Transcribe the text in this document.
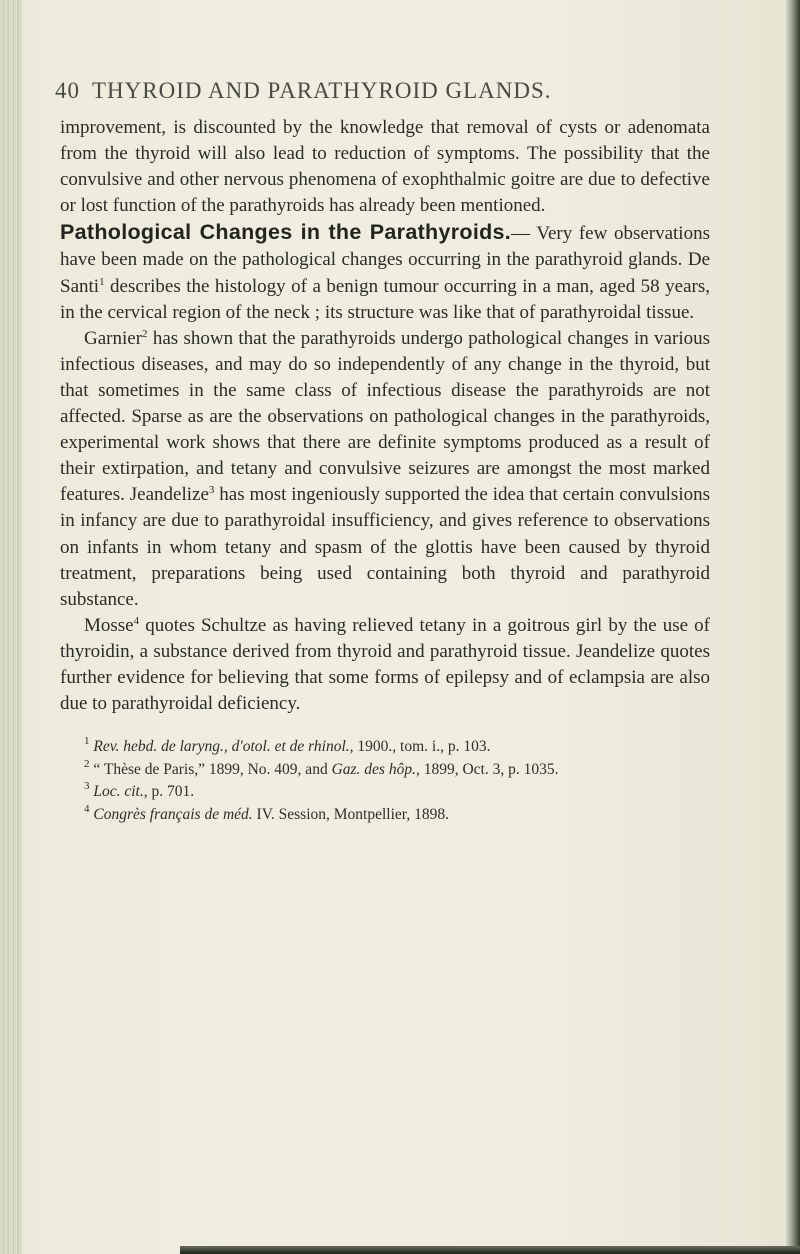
40 THYROID AND PARATHYROID GLANDS.

improvement, is discounted by the knowledge that removal of cysts or adenomata from the thyroid will also lead to reduction of symptoms. The possibility that the convulsive and other nervous phenomena of exophthalmic goitre are due to defective or lost function of the parathyroids has already been mentioned.

Pathological Changes in the Parathyroids.— Very few observations have been made on the pathological changes occurring in the parathyroid glands. De Santi$^1$ describes the histology of a benign tumour occurring in a man, aged 58 years, in the cervical region of the neck ; its structure was like that of parathyroidal tissue.

Garnier$^2$ has shown that the parathyroids undergo pathological changes in various infectious diseases, and may do so independently of any change in the thyroid, but that sometimes in the same class of infectious disease the parathyroids are not affected. Sparse as are the observations on pathological changes in the parathyroids, experimental work shows that there are definite symptoms produced as a result of their extirpation, and tetany and convulsive seizures are amongst the most marked features. Jeandelize$^3$ has most ingeniously supported the idea that certain convulsions in infancy are due to parathyroidal insufficiency, and gives reference to observations on infants in whom tetany and spasm of the glottis have been caused by thyroid treatment, preparations being used containing both thyroid and parathyroid substance.

Mosse$^4$ quotes Schultze as having relieved tetany in a goitrous girl by the use of thyroidin, a substance derived from thyroid and parathyroid tissue. Jeandelize quotes further evidence for believing that some forms of epilepsy and of eclampsia are also due to parathyroidal deficiency.

$^1$ Rev. hebd. de laryng., d'otol. et de rhinol., 1900., tom. i., p. 103.

$^2$ “ Thèse de Paris,” 1899, No. 409, and Gaz. des hôp., 1899, Oct. 3, p. 1035.

$^3$ Loc. cit., p. 701.

$^4$ Congrès français de méd. IV. Session, Montpellier, 1898.
